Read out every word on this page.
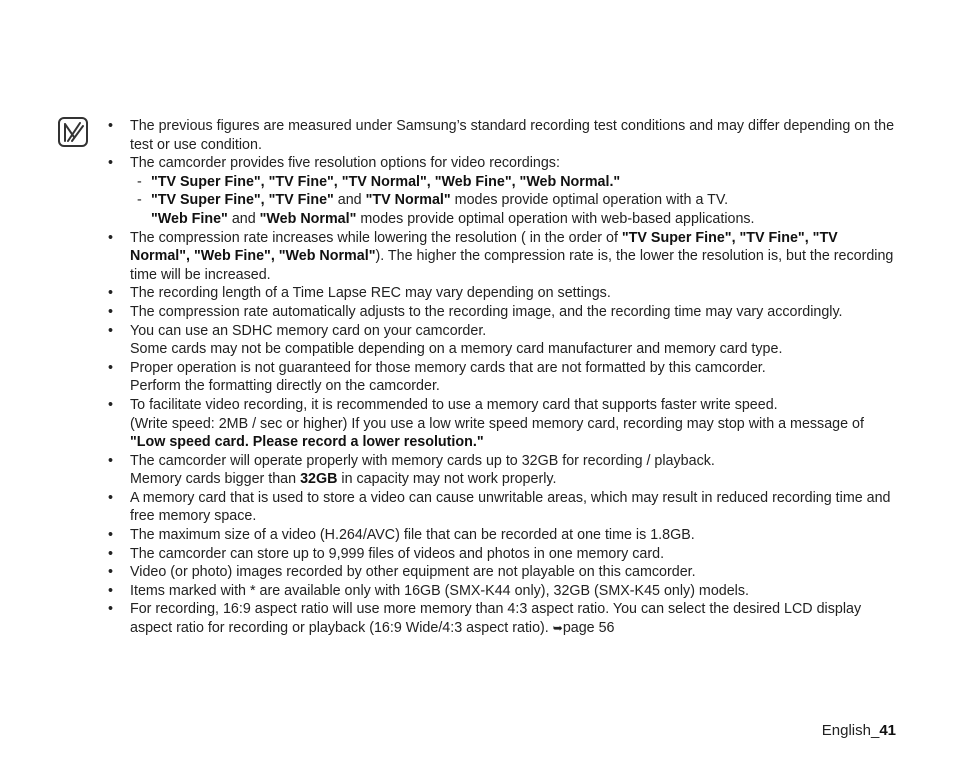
• The previous figures are measured under Samsung’s standard recording test conditions and may differ depending on the test or use condition.
• The camcorder provides five resolution options for video recordings:
- "TV Super Fine", "TV Fine", "TV Normal", "Web Fine", "Web Normal."
- "TV Super Fine", "TV Fine" and "TV Normal" modes provide optimal operation with a TV.
"Web Fine" and "Web Normal" modes provide optimal operation with web-based applications.
• The compression rate increases while lowering the resolution ( in the order of "TV Super Fine", "TV Fine", "TV Normal", "Web Fine", "Web Normal"). The higher the compression rate is, the lower the resolution is, but the recording time will be increased.
• The recording length of a Time Lapse REC may vary depending on settings.
• The compression rate automatically adjusts to the recording image, and the recording time may vary accordingly.
• You can use an SDHC memory card on your camcorder.
Some cards may not be compatible depending on a memory card manufacturer and memory card type.
• Proper operation is not guaranteed for those memory cards that are not formatted by this camcorder.
Perform the formatting directly on the camcorder.
• To facilitate video recording, it is recommended to use a memory card that supports faster write speed.
(Write speed: 2MB / sec or higher) If you use a low write speed memory card, recording may stop with a message of "Low speed card. Please record a lower resolution."
• The camcorder will operate properly with memory cards up to 32GB for recording / playback.
Memory cards bigger than 32GB in capacity may not work properly.
• A memory card that is used to store a video can cause unwritable areas, which may result in reduced recording time and free memory space.
• The maximum size of a video (H.264/AVC) file that can be recorded at one time is 1.8GB.
• The camcorder can store up to 9,999 files of videos and photos in one memory card.
• Video (or photo) images recorded by other equipment are not playable on this camcorder.
• Items marked with * are available only with 16GB (SMX-K44 only), 32GB (SMX-K45 only) models.
• For recording, 16:9 aspect ratio will use more memory than 4:3 aspect ratio. You can select the desired LCD display aspect ratio for recording or playback (16:9 Wide/4:3 aspect ratio). ➥page 56
English_41
